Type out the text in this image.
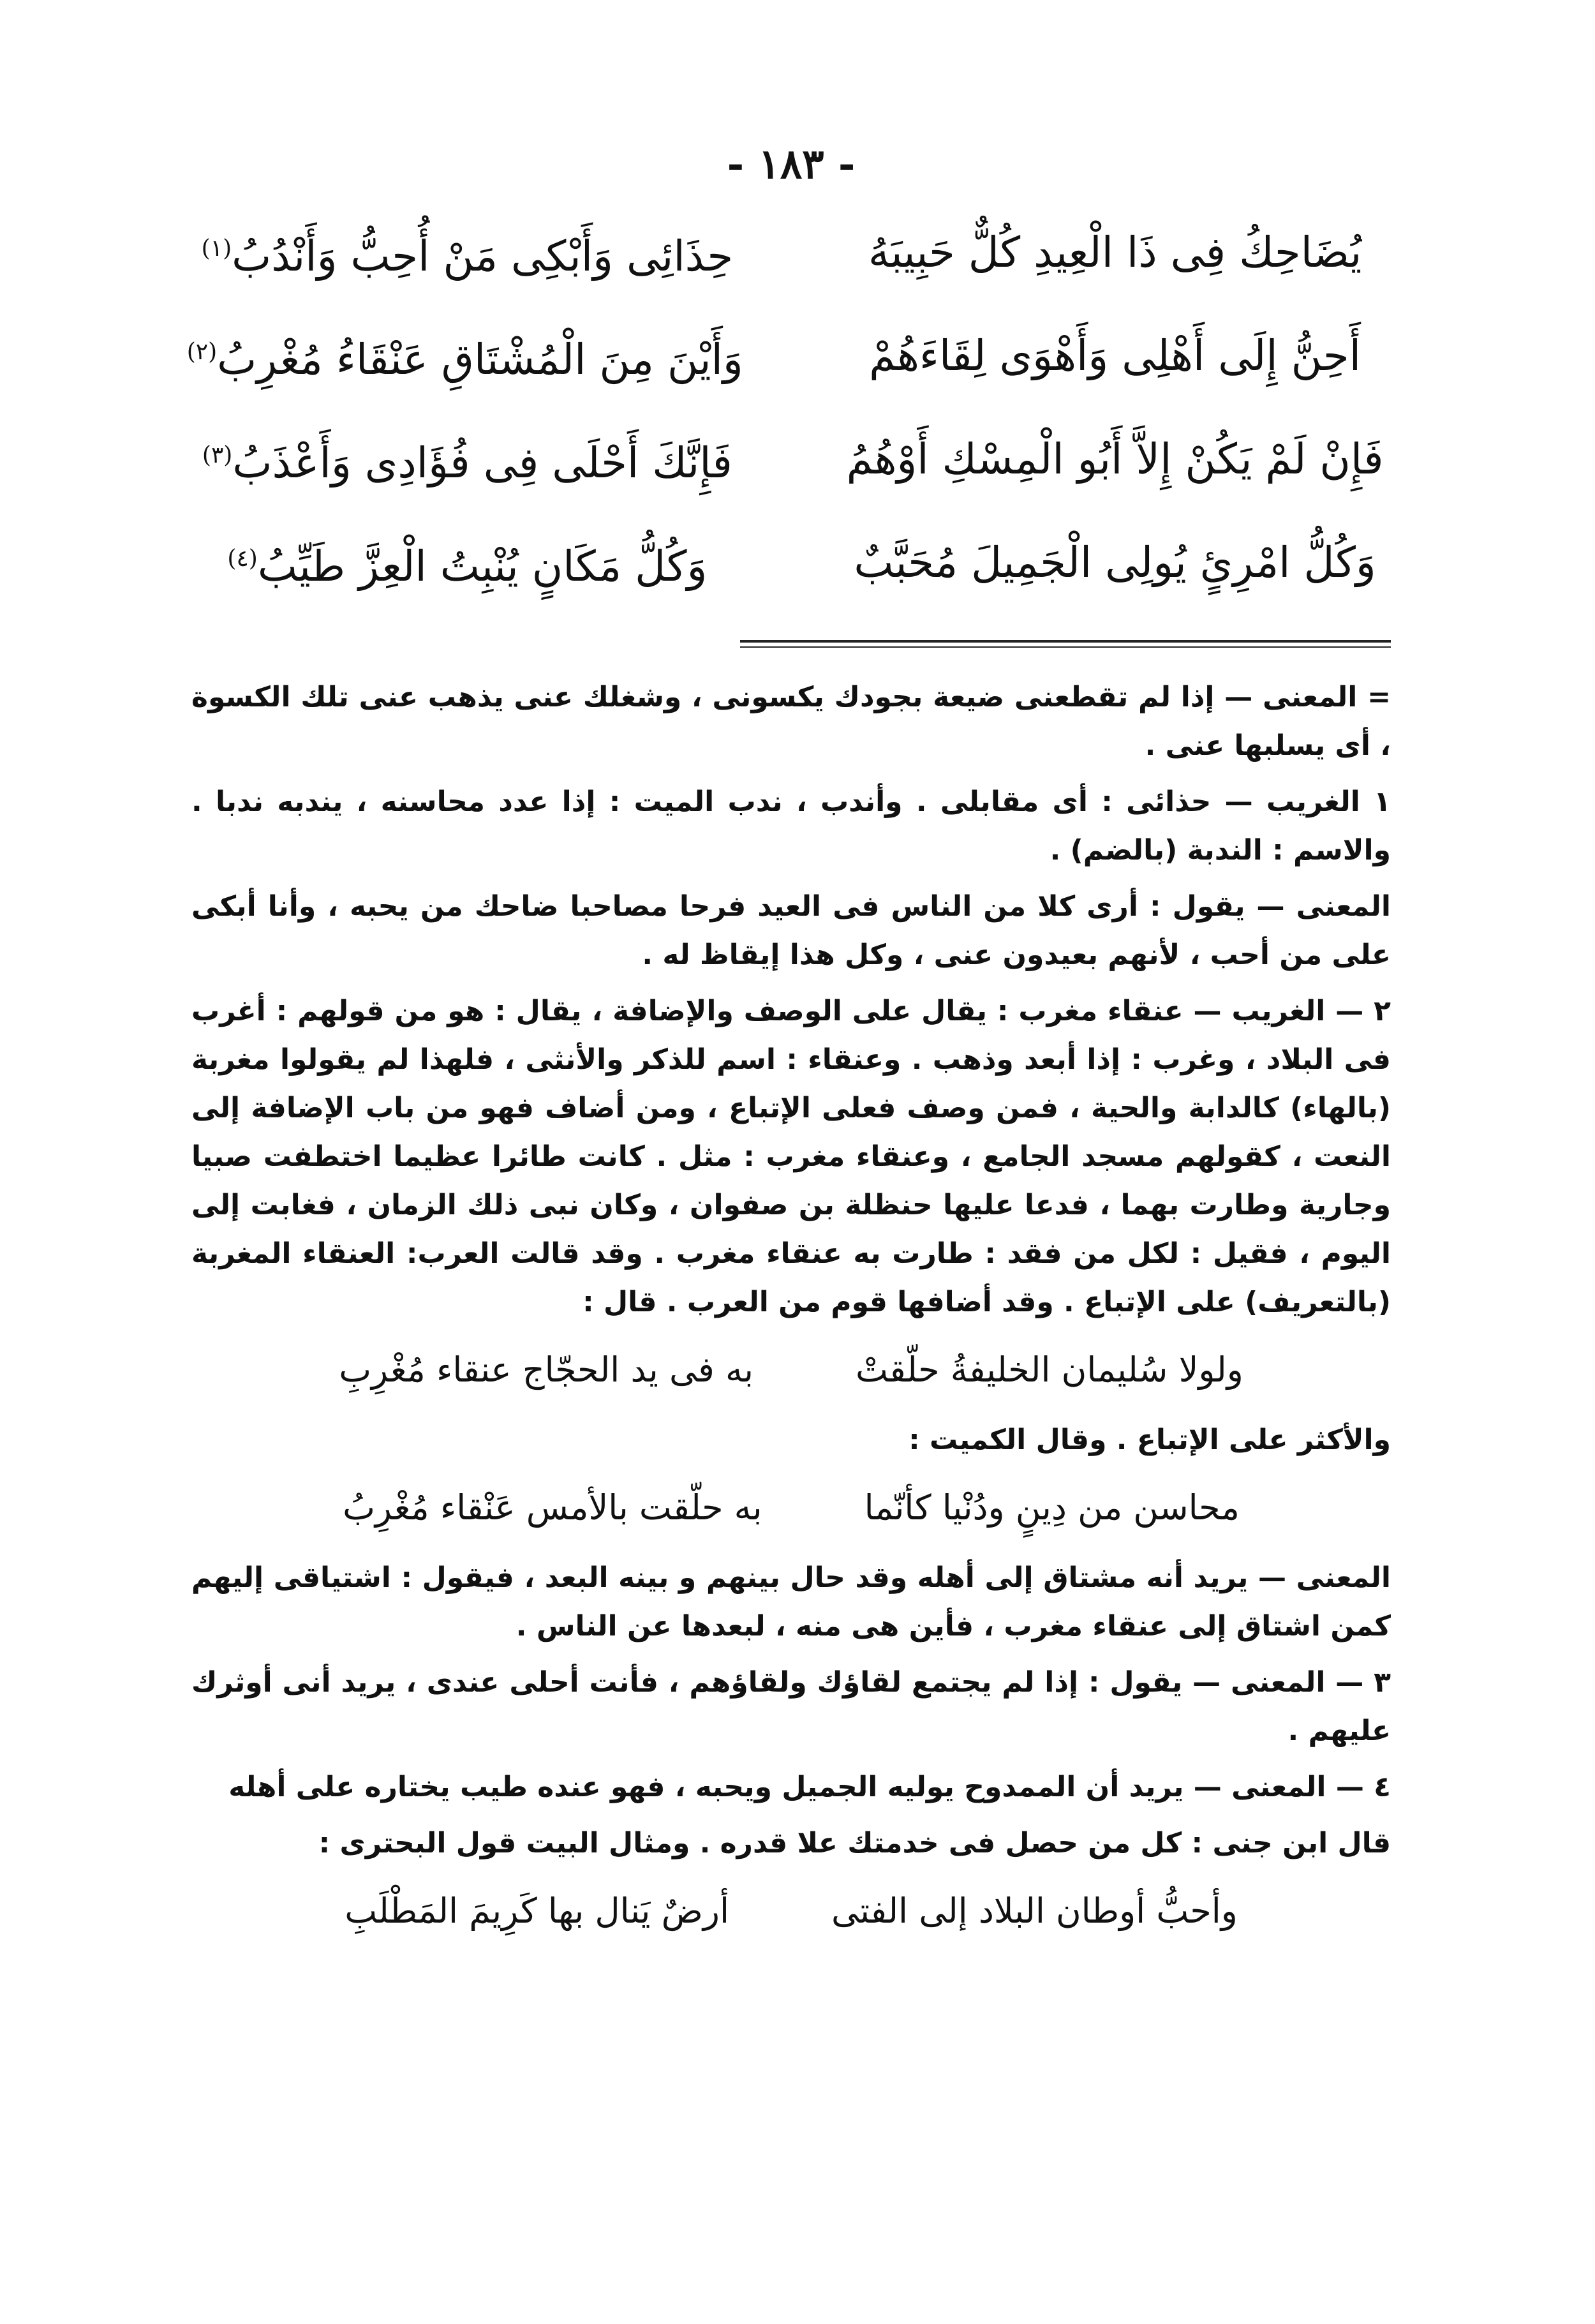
- ١٨٣ -
يُضَاحِكُ فِى ذَا الْعِيدِ كُلٌّ حَبِيبَهُ
حِذَائِى وَأَبْكِى مَنْ أُحِبُّ وَأَنْدُبُ$^{(١)}$
أَحِنُّ إِلَى أَهْلِى وَأَهْوَى لِقَاءَهُمْ
وَأَيْنَ مِنَ الْمُشْتَاقِ عَنْقَاءُ مُغْرِبُ$^{(٢)}$
فَإِنْ لَمْ يَكُنْ إِلاَّ أَبُو الْمِسْكِ أَوْهُمُ
فَإِنَّكَ أَحْلَى فِى فُؤَادِى وَأَعْذَبُ$^{(٣)}$
وَكُلُّ امْرِئٍ يُولِى الْجَمِيلَ مُحَبَّبٌ
وَكُلُّ مَكَانٍ يُنْبِتُ الْعِزَّ طَيِّبُ$^{(٤)}$

= المعنى — إذا لم تقطعنى ضيعة بجودك يكسونى ، وشغلك عنى يذهب عنى تلك الكسوة ، أى يسلبها عنى .

١ الغريب — حذائى : أى مقابلى . وأندب ، ندب الميت : إذا عدد محاسنه ، يندبه ندبا . والاسم : الندبة (بالضم) .

المعنى — يقول : أرى كلا من الناس فى العيد فرحا مصاحبا ضاحك من يحبه ، وأنا أبكى على من أحب ، لأنهم بعيدون عنى ، وكل هذا إيقاظ له .

٢ — الغريب — عنقاء مغرب : يقال على الوصف والإضافة ، يقال : هو من قولهم : أغرب فى البلاد ، وغرب : إذا أبعد وذهب . وعنقاء : اسم للذكر والأنثى ، فلهذا لم يقولوا مغربة (بالهاء) كالدابة والحية ، فمن وصف فعلى الإتباع ، ومن أضاف فهو من باب الإضافة إلى النعت ، كقولهم مسجد الجامع ، وعنقاء مغرب : مثل . كانت طائرا عظيما اختطفت صبيا وجارية وطارت بهما ، فدعا عليها حنظلة بن صفوان ، وكان نبى ذلك الزمان ، فغابت إلى اليوم ، فقيل : لكل من فقد : طارت به عنقاء مغرب . وقد قالت العرب: العنقاء المغربة (بالتعريف) على الإتباع . وقد أضافها قوم من العرب . قال :

ولولا سُليمان الخليفةُ حلّقتْ
به فى يد الحجّاج عنقاء مُغْرِبِ

والأكثر على الإتباع . وقال الكميت :

محاسن من دِينٍ ودُنْيا كأنّما
به حلّقت بالأمس عَنْقاء مُغْرِبُ

المعنى — يريد أنه مشتاق إلى أهله وقد حال بينهم و بينه البعد ، فيقول : اشتياقى إليهم كمن اشتاق إلى عنقاء مغرب ، فأين هى منه ، لبعدها عن الناس .

٣ — المعنى — يقول : إذا لم يجتمع لقاؤك ولقاؤهم ، فأنت أحلى عندى ، يريد أنى أوثرك عليهم .

٤ — المعنى — يريد أن الممدوح يوليه الجميل ويحبه ، فهو عنده طيب يختاره على أهله

قال ابن جنى : كل من حصل فى خدمتك علا قدره . ومثال البيت قول البحترى :

وأحبُّ أوطان البلاد إلى الفتى
أرضٌ يَنال بها كَرِيمَ المَطْلَبِ
